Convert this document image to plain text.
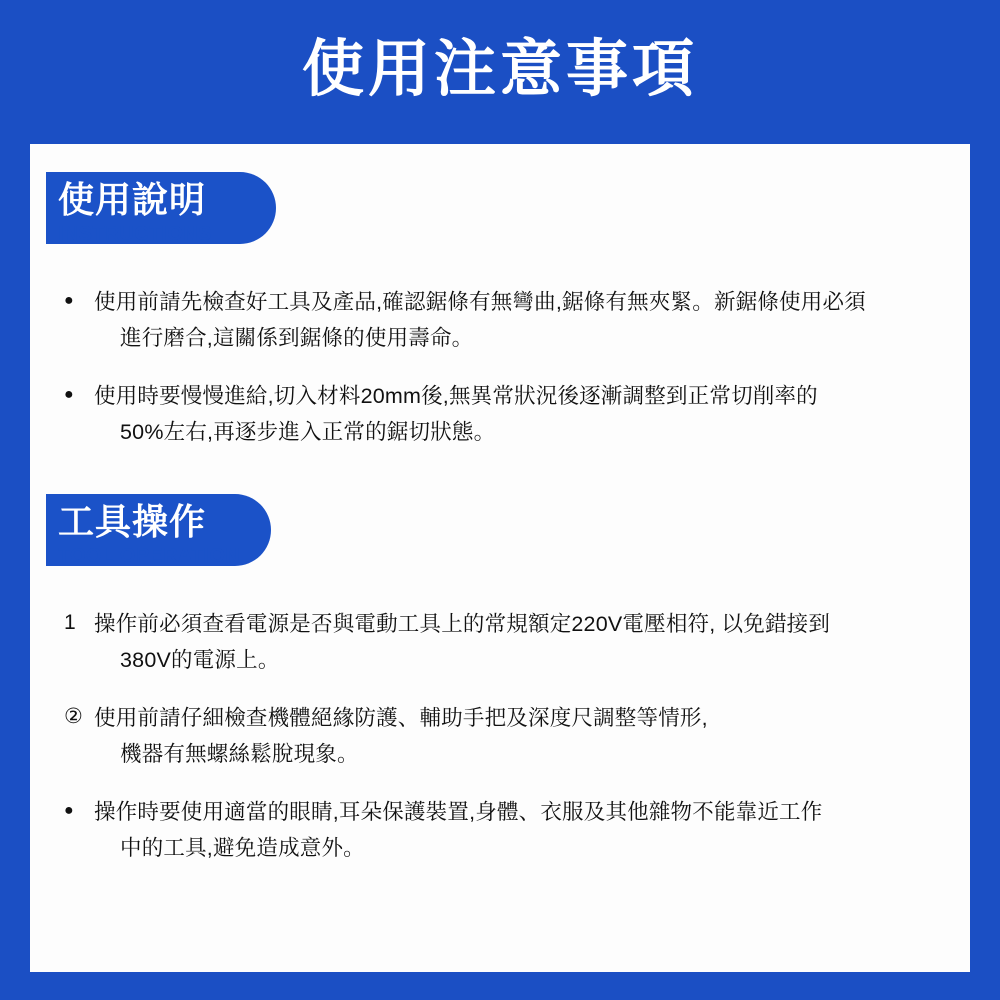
使用注意事項
使用說明
INSTRUCTIONS
● 使用前請先檢查好工具及產品,確認鋸條有無彎曲,鋸條有無夾緊。新鋸條使用必須
進行磨合,這關係到鋸條的使用壽命。
● 使用時要慢慢進給,切入材料20mm後,無異常狀況後逐漸調整到正常切削率的
50%左右,再逐步進入正常的鋸切狀態。
工具操作
TOOL OPERATION
1 操作前必須查看電源是否與電動工具上的常規額定220V電壓相符, 以免錯接到
380V的電源上。
② 使用前請仔細檢查機體絕緣防護、輔助手把及深度尺調整等情形,
機器有無螺絲鬆脫現象。
● 操作時要使用適當的眼睛,耳朵保護裝置,身體、衣服及其他雜物不能靠近工作
中的工具,避免造成意外。
